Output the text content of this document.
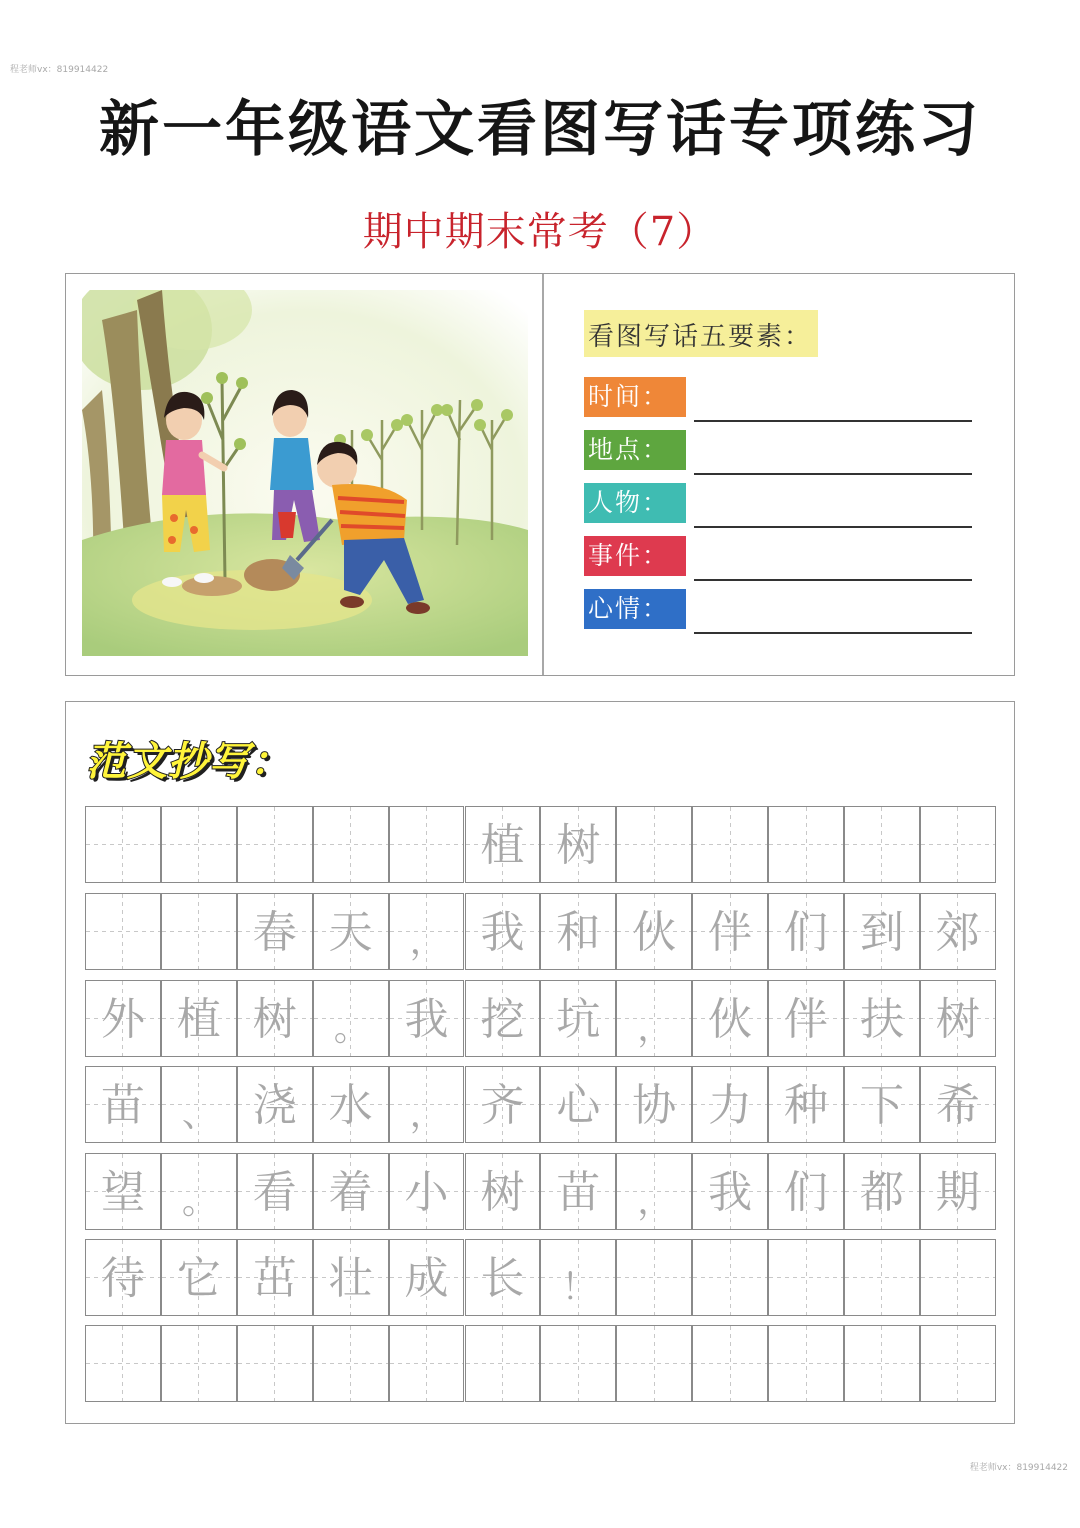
程老师vx：819914422
新一年级语文看图写话专项练习
期中期末常考（7）
看图写话五要素：
时间：
地点：
人物：
事件：
心情：
范文抄写：
植 树
春 天	， 我 和 伙 伴 们 到 郊
外 植 树	。 我 挖 坑	， 伙 伴 扶 树
苗	、 浇 水	， 齐 心 协 力 种 下 希
望	。 看 着 小 树 苗	， 我 们 都 期
待 它 茁 壮 成 长	！
程老师vx：819914422
